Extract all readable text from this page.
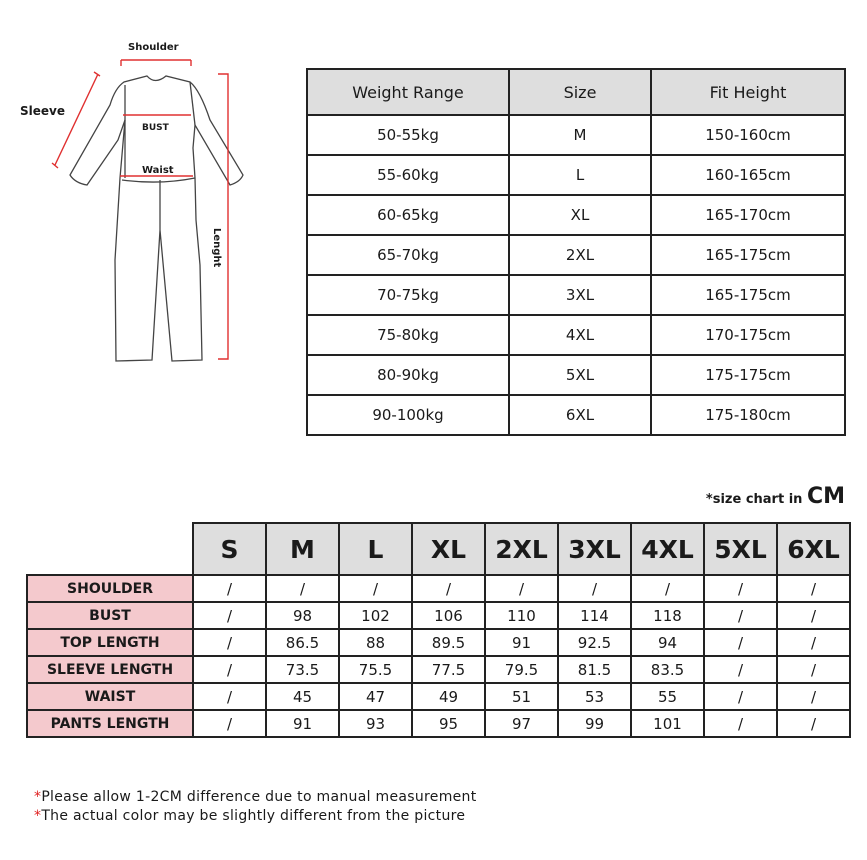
Shoulder
Sleeve
BUST
Waist
Lenght
Weight Range	Size	Fit Height
50-55kg	M	150-160cm
55-60kg	L	160-165cm
60-65kg	XL	165-170cm
65-70kg	2XL	165-175cm
70-75kg	3XL	165-175cm
75-80kg	4XL	170-175cm
80-90kg	5XL	175-175cm
90-100kg	6XL	175-180cm
*size chart in CM
	S	M	L	XL	2XL	3XL	4XL	5XL	6XL
SHOULDER	/	/	/	/	/	/	/	/	/
BUST	/	98	102	106	110	114	118	/	/
TOP LENGTH	/	86.5	88	89.5	91	92.5	94	/	/
SLEEVE LENGTH	/	73.5	75.5	77.5	79.5	81.5	83.5	/	/
WAIST	/	45	47	49	51	53	55	/	/
PANTS LENGTH	/	91	93	95	97	99	101	/	/
*Please allow 1-2CM difference due to manual measurement
*The actual color may be slightly different from the picture
